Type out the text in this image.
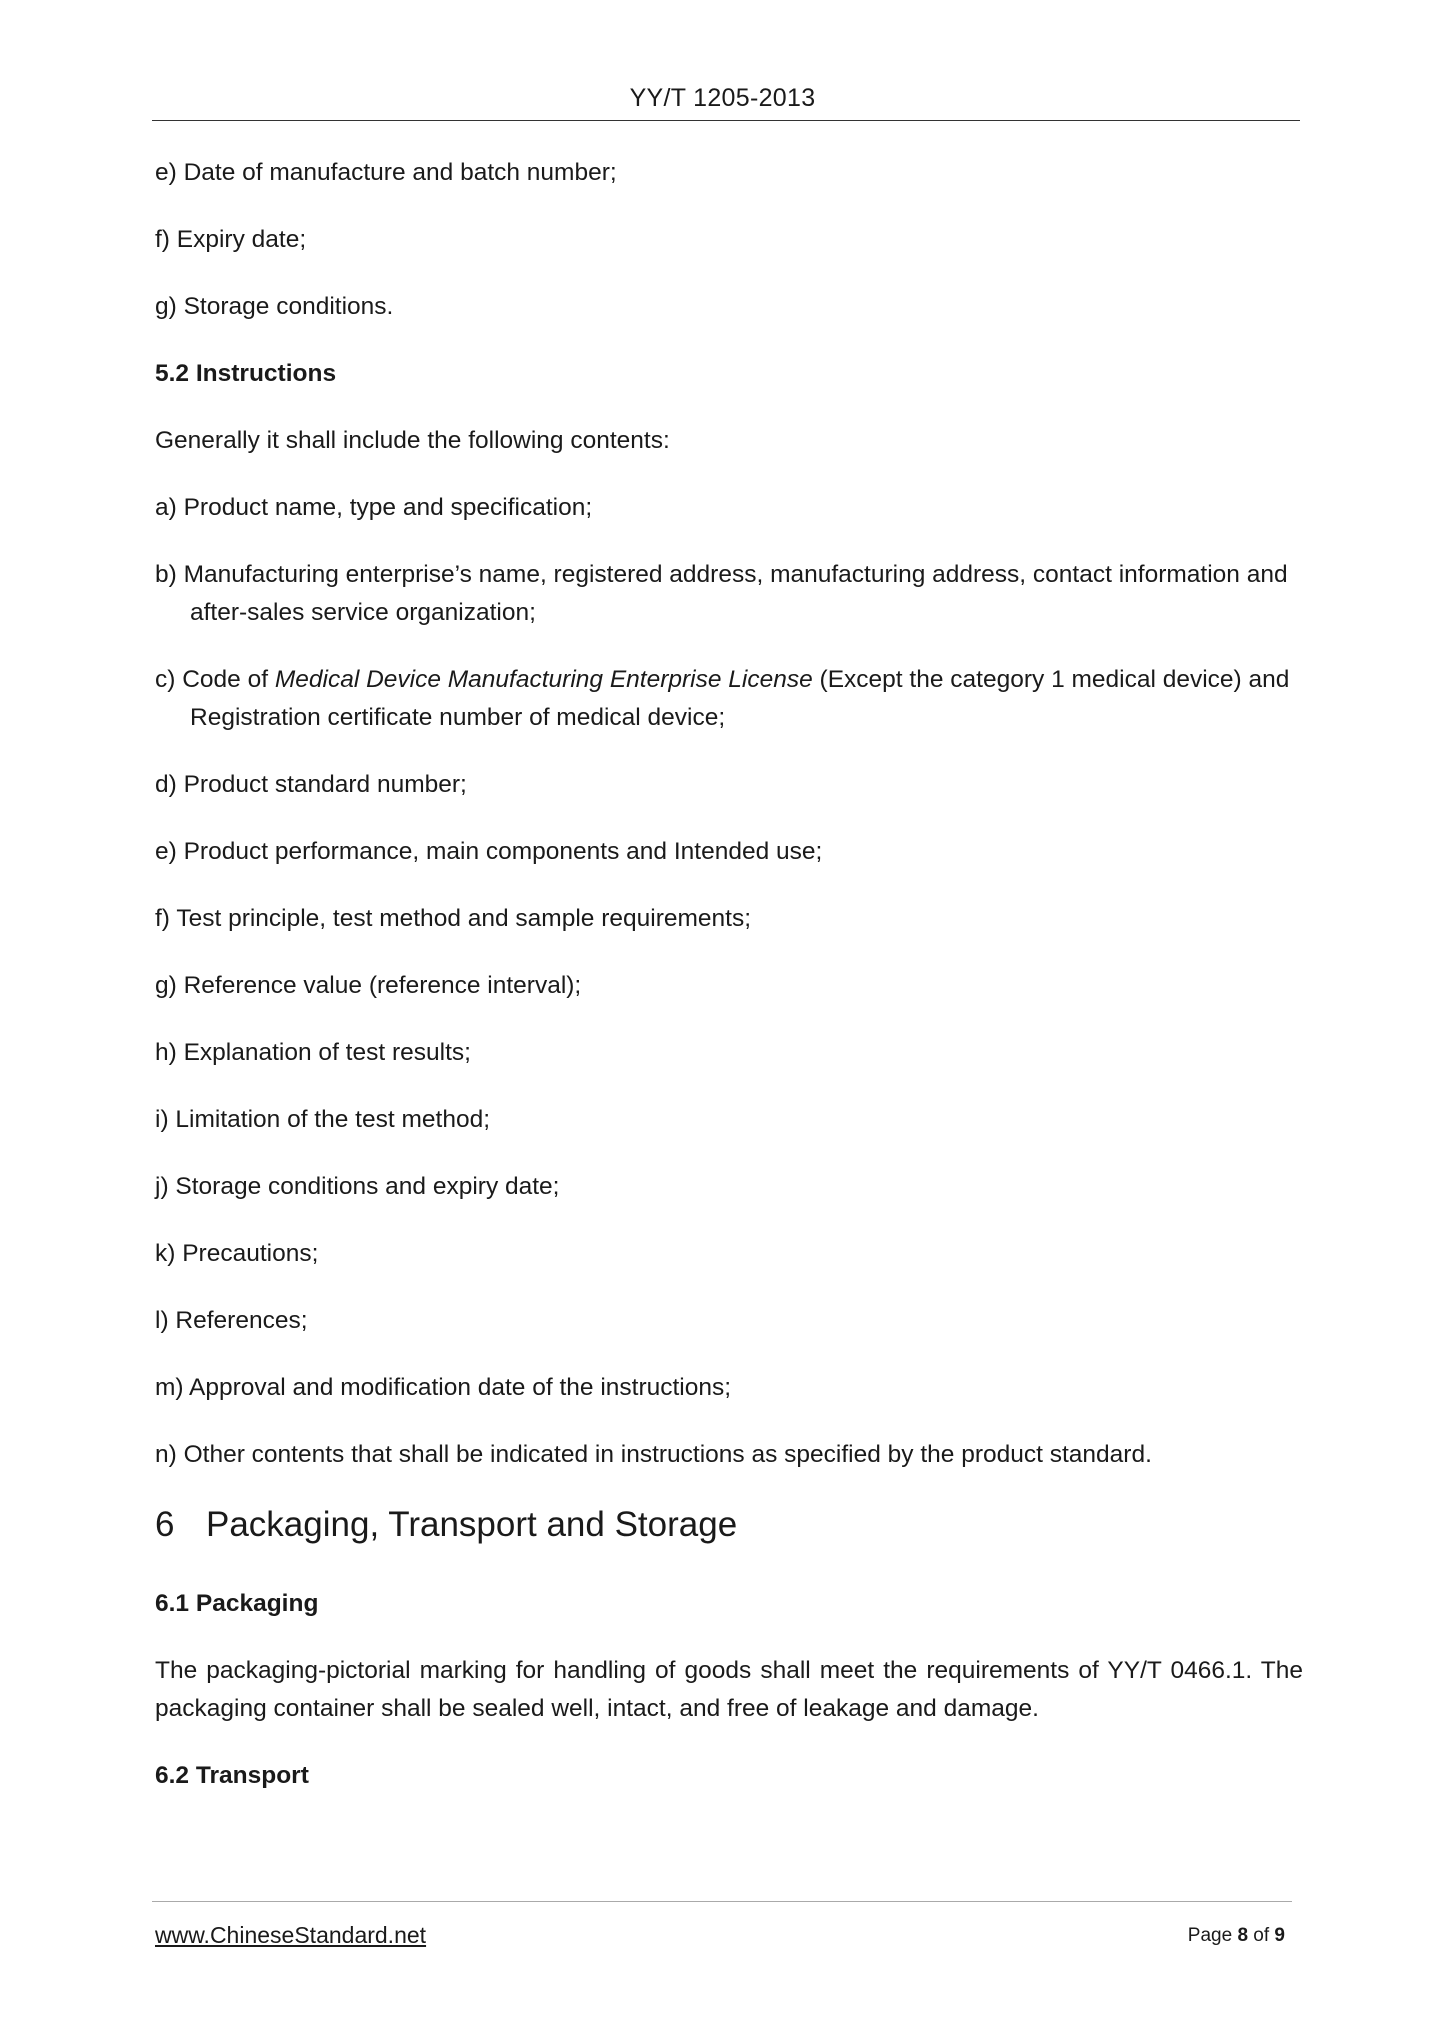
YY/T 1205-2013

e) Date of manufacture and batch number;

f) Expiry date;

g) Storage conditions.

5.2 Instructions

Generally it shall include the following contents:

a) Product name, type and specification;

b) Manufacturing enterprise’s name, registered address, manufacturing address, contact information and after-sales service organization;

c) Code of Medical Device Manufacturing Enterprise License (Except the category 1 medical device) and Registration certificate number of medical device;

d) Product standard number;

e) Product performance, main components and Intended use;

f) Test principle, test method and sample requirements;

g) Reference value (reference interval);

h) Explanation of test results;

i) Limitation of the test method;

j) Storage conditions and expiry date;

k) Precautions;

l) References;

m) Approval and modification date of the instructions;

n) Other contents that shall be indicated in instructions as specified by the product standard.

6 Packaging, Transport and Storage

6.1 Packaging

The packaging-pictorial marking for handling of goods shall meet the requirements of YY/T 0466.1. The packaging container shall be sealed well, intact, and free of leakage and damage.

6.2 Transport

www.ChineseStandard.net	Page 8 of 9
